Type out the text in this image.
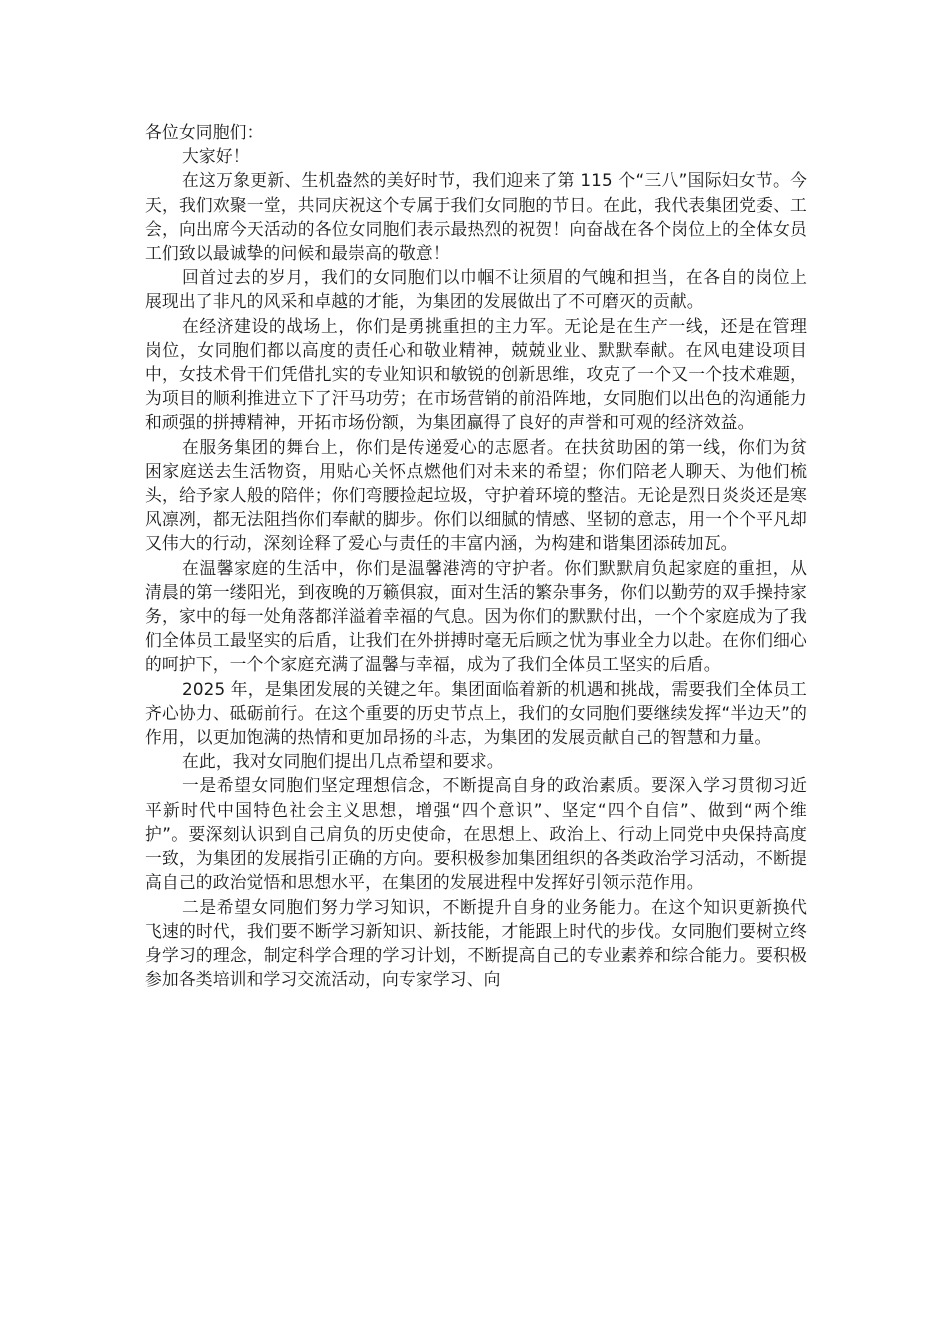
各位女同胞们：

大家好！

在这万象更新、生机盎然的美好时节，我们迎来了第 115 个“三八”国际妇女节。今天，我们欢聚一堂，共同庆祝这个专属于我们女同胞的节日。在此，我代表集团党委、工会，向出席今天活动的各位女同胞们表示最热烈的祝贺！向奋战在各个岗位上的全体女员工们致以最诚挚的问候和最崇高的敬意！

回首过去的岁月，我们的女同胞们以巾帼不让须眉的气魄和担当，在各自的岗位上展现出了非凡的风采和卓越的才能，为集团的发展做出了不可磨灭的贡献。

在经济建设的战场上，你们是勇挑重担的主力军。无论是在生产一线，还是在管理岗位，女同胞们都以高度的责任心和敬业精神，兢兢业业、默默奉献。在风电建设项目中，女技术骨干们凭借扎实的专业知识和敏锐的创新思维，攻克了一个又一个技术难题，为项目的顺利推进立下了汗马功劳；在市场营销的前沿阵地，女同胞们以出色的沟通能力和顽强的拼搏精神，开拓市场份额，为集团赢得了良好的声誉和可观的经济效益。

在服务集团的舞台上，你们是传递爱心的志愿者。在扶贫助困的第一线，你们为贫困家庭送去生活物资，用贴心关怀点燃他们对未来的希望；你们陪老人聊天、为他们梳头，给予家人般的陪伴；你们弯腰捡起垃圾，守护着环境的整洁。无论是烈日炎炎还是寒风凛冽，都无法阻挡你们奉献的脚步。你们以细腻的情感、坚韧的意志，用一个个平凡却又伟大的行动，深刻诠释了爱心与责任的丰富内涵，为构建和谐集团添砖加瓦。

在温馨家庭的生活中，你们是温馨港湾的守护者。你们默默肩负起家庭的重担，从清晨的第一缕阳光，到夜晚的万籁俱寂，面对生活的繁杂事务，你们以勤劳的双手操持家务，家中的每一处角落都洋溢着幸福的气息。因为你们的默默付出，一个个家庭成为了我们全体员工最坚实的后盾，让我们在外拼搏时毫无后顾之忧为事业全力以赴。在你们细心的呵护下，一个个家庭充满了温馨与幸福，成为了我们全体员工坚实的后盾。

2025 年，是集团发展的关键之年。集团面临着新的机遇和挑战，需要我们全体员工齐心协力、砥砺前行。在这个重要的历史节点上，我们的女同胞们要继续发挥“半边天”的作用，以更加饱满的热情和更加昂扬的斗志，为集团的发展贡献自己的智慧和力量。

在此，我对女同胞们提出几点希望和要求。

一是希望女同胞们坚定理想信念，不断提高自身的政治素质。要深入学习贯彻习近平新时代中国特色社会主义思想，增强“四个意识”、坚定“四个自信”、做到“两个维护”。要深刻认识到自己肩负的历史使命，在思想上、政治上、行动上同党中央保持高度一致，为集团的发展指引正确的方向。要积极参加集团组织的各类政治学习活动，不断提高自己的政治觉悟和思想水平，在集团的发展进程中发挥好引领示范作用。

二是希望女同胞们努力学习知识，不断提升自身的业务能力。在这个知识更新换代飞速的时代，我们要不断学习新知识、新技能，才能跟上时代的步伐。女同胞们要树立终身学习的理念，制定科学合理的学习计划，不断提高自己的专业素养和综合能力。要积极参加各类培训和学习交流活动，向专家学习、向
